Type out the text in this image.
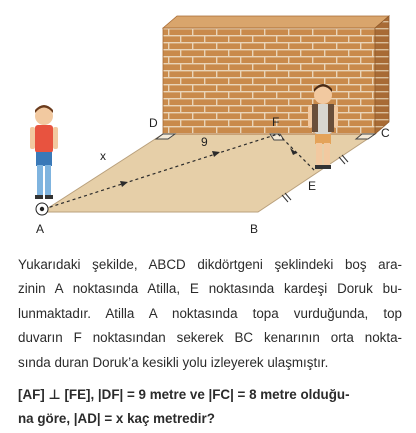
A	B
C
D
E
F
9
x

Yukarıdaki şekilde, ABCD dikdörtgeni şeklindeki boş ara-
zinin A noktasında Atilla, E noktasında kardeşi Doruk bu-
lunmaktadır. Atilla A noktasında topa vurduğunda, top
duvarın F noktasından sekerek BC kenarının orta nokta-
sında duran Doruk’a kesikli yolu izleyerek ulaşmıştır.

[AF] ⊥ [FE], |DF| = 9 metre ve |FC| = 8 metre olduğu-
na göre, |AD| = x kaç metredir?
